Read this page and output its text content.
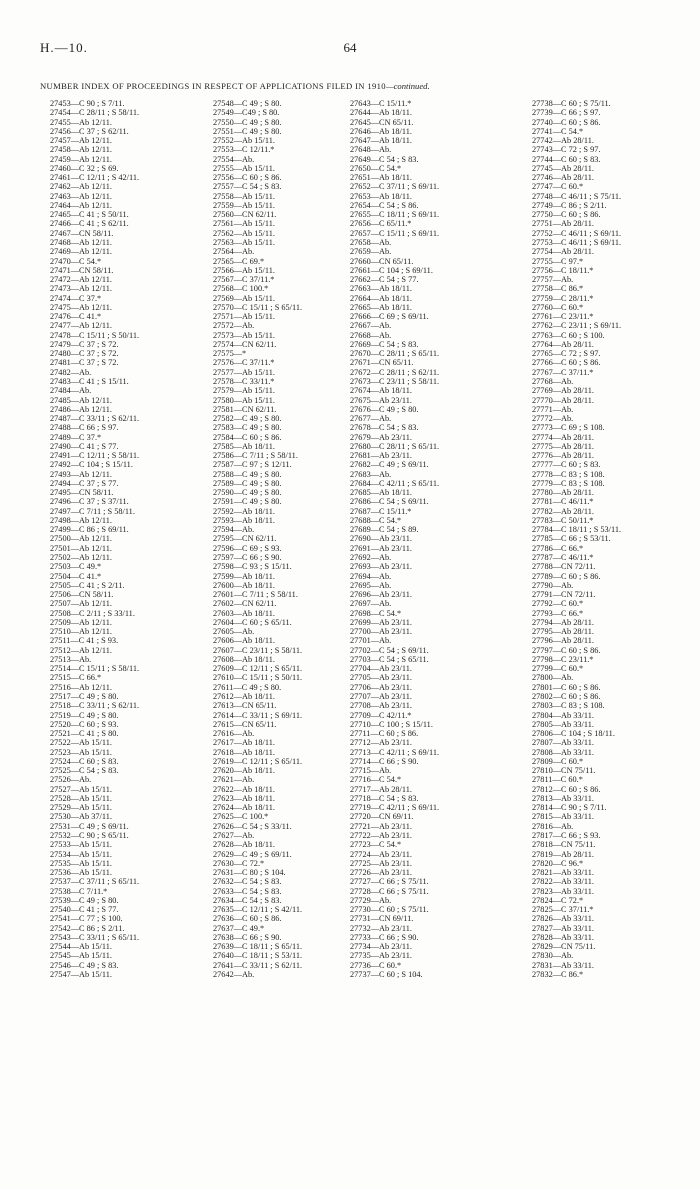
H.—10.	64
NUMBER INDEX OF PROCEEDINGS IN RESPECT OF APPLICATIONS FILED IN 1910—continued.
27453—C 90 ; S 7/11.
27454—C 28/11 ; S 58/11.
27455—Ab 12/11.
27456—C 37 ; S 62/11.
27457—Ab 12/11.
27458—Ab 12/11.
27459—Ab 12/11.
27460—C 32 ; S 69.
27461—C 12/11 ; S 42/11.
27462—Ab 12/11.
27463—Ab 12/11.
27464—Ab 12/11.
27465—C 41 ; S 50/11.
27466—C 41 ; S 62/11.
27467—CN 58/11.
27468—Ab 12/11.
27469—Ab 12/11.
27470—C 54.*
27471—CN 58/11.
27472—Ab 12/11.
27473—Ab 12/11.
27474—C 37.*
27475—Ab 12/11.
27476—C 41.*
27477—Ab 12/11.
27478—C 15/11 ; S 50/11.
27479—C 37 ; S 72.
27480—C 37 ; S 72.
27481—C 37 ; S 72.
27482—Ab.
27483—C 41 ; S 15/11.
27484—Ab.
27485—Ab 12/11.
27486—Ab 12/11.
27487—C 33/11 ; S 62/11.
27488—C 66 ; S 97.
27489—C 37.*
27490—C 41 ; S 77.
27491—C 12/11 ; S 58/11.
27492—C 104 ; S 15/11.
27493—Ab 12/11.
27494—C 37 ; S 77.
27495—CN 58/11.
27496—C 37 ; S 37/11.
27497—C 7/11 ; S 58/11.
27498—Ab 12/11.
27499—C 86 ; S 69/11.
27500—Ab 12/11.
27501—Ab 12/11.
27502—Ab 12/11.
27503—C 49.*
27504—C 41.*
27505—C 41 ; S 2/11.
27506—CN 58/11.
27507—Ab 12/11.
27508—C 2/11 ; S 33/11.
27509—Ab 12/11.
27510—Ab 12/11.
27511—C 41 ; S 93.
27512—Ab 12/11.
27513—Ab.
27514—C 15/11 ; S 58/11.
27515—C 66.*
27516—Ab 12/11.
27517—C 49 ; S 80.
27518—C 33/11 ; S 62/11.
27519—C 49 ; S 80.
27520—C 60 ; S 93.
27521—C 41 ; S 80.
27522—Ab 15/11.
27523—Ab 15/11.
27524—C 60 ; S 83.
27525—C 54 ; S 83.
27526—Ab.
27527—Ab 15/11.
27528—Ab 15/11.
27529—Ab 15/11.
27530—Ab 37/11.
27531—C 49 ; S 69/11.
27532—C 90 ; S 65/11.
27533—Ab 15/11.
27534—Ab 15/11.
27535—Ab 15/11.
27536—Ab 15/11.
27537—C 37/11 ; S 65/11.
27538—C 7/11.*
27539—C 49 ; S 80.
27540—C 41 ; S 77.
27541—C 77 ; S 100.
27542—C 86 ; S 2/11.
27543—C 33/11 ; S 65/11.
27544—Ab 15/11.
27545—Ab 15/11.
27546—C 49 ; S 83.
27547—Ab 15/11.
27548—C 49 ; S 80.
27549—C49 ; S 80.
27550—C 49 ; S 80.
27551—C 49 ; S 80.
27552—Ab 15/11.
27553—C 12/11.*
27554—Ab.
27555—Ab 15/11.
27556—C 60 ; S 86.
27557—C 54 ; S 83.
27558—Ab 15/11.
27559—Ab 15/11.
27560—CN 62/11.
27561—Ab 15/11.
27562—Ab 15/11.
27563—Ab 15/11.
27564—Ab.
27565—C 69.*
27566—Ab 15/11.
27567—C 37/11.*
27568—C 100.*
27569—Ab 15/11.
27570—C 15/11 ; S 65/11.
27571—Ab 15/11.
27572—Ab.
27573—Ab 15/11.
27574—CN 62/11.
27575—*
27576—C 37/11.*
27577—Ab 15/11.
27578—C 33/11.*
27579—Ab 15/11.
27580—Ab 15/11.
27581—CN 62/11.
27582—C 49 ; S 80.
27583—C 49 ; S 80.
27584—C 60 ; S 86.
27585—Ab 18/11.
27586—C 7/11 ; S 58/11.
27587—C 97 ; S 12/11.
27588—C 49 ; S 80.
27589—C 49 ; S 80.
27590—C 49 ; S 80.
27591—C 49 ; S 80.
27592—Ab 18/11.
27593—Ab 18/11.
27594—Ab.
27595—CN 62/11.
27596—C 69 ; S 93.
27597—C 66 ; S 90.
27598—C 93 ; S 15/11.
27599—Ab 18/11.
27600—Ab 18/11.
27601—C 7/11 ; S 58/11.
27602—CN 62/11.
27603—Ab 18/11.
27604—C 60 ; S 65/11.
27605—Ab.
27606—Ab 18/11.
27607—C 23/11 ; S 58/11.
27608—Ab 18/11.
27609—C 12/11 ; S 65/11.
27610—C 15/11 ; S 50/11.
27611—C 49 ; S 80.
27612—Ab 18/11.
27613—CN 65/11.
27614—C 33/11 ; S 69/11.
27615—CN 65/11.
27616—Ab.
27617—Ab 18/11.
27618—Ab 18/11.
27619—C 12/11 ; S 65/11.
27620—Ab 18/11.
27621—Ab.
27622—Ab 18/11.
27623—Ab 18/11.
27624—Ab 18/11.
27625—C 100.*
27626—C 54 ; S 33/11.
27627—Ab.
27628—Ab 18/11.
27629—C 49 ; S 69/11.
27630—C 72.*
27631—C 80 ; S 104.
27632—C 54 ; S 83.
27633—C 54 ; S 83.
27634—C 54 ; S 83.
27635—C 12/11 ; S 42/11.
27636—C 60 ; S 86.
27637—C 49.*
27638—C 66 ; S 90.
27639—C 18/11 ; S 65/11.
27640—C 18/11 ; S 53/11.
27641—C 33/11 ; S 62/11.
27642—Ab.
27643—C 15/11.*
27644—Ab 18/11.
27645—CN 65/11.
27646—Ab 18/11.
27647—Ab 18/11.
27648—Ab.
27649—C 54 ; S 83.
27650—C 54.*
27651—Ab 18/11.
27652—C 37/11 ; S 69/11.
27653—Ab 18/11.
27654—C 54 ; S 86.
27655—C 18/11 ; S 69/11.
27656—C 65/11.*
27657—C 15/11 ; S 69/11.
27658—Ab.
27659—Ab.
27660—CN 65/11.
27661—C 104 ; S 69/11.
27662—C 54 ; S 77.
27663—Ab 18/11.
27664—Ab 18/11.
27665—Ab 18/11.
27666—C 69 ; S 69/11.
27667—Ab.
27668—Ab.
27669—C 54 ; S 83.
27670—C 28/11 ; S 65/11.
27671—CN 65/11.
27672—C 28/11 ; S 62/11.
27673—C 23/11 ; S 58/11.
27674—Ab 18/11.
27675—Ab 23/11.
27676—C 49 ; S 80.
27677—Ab.
27678—C 54 ; S 83.
27679—Ab 23/11.
27680—C 28/11 ; S 65/11.
27681—Ab 23/11.
27682—C 49 ; S 69/11.
27683—Ab.
27684—C 42/11 ; S 65/11.
27685—Ab 18/11.
27686—C 54 ; S 69/11.
27687—C 15/11.*
27688—C 54.*
27689—C 54 ; S 89.
27690—Ab 23/11.
27691—Ab 23/11.
27692—Ab.
27693—Ab 23/11.
27694—Ab.
27695—Ab.
27696—Ab 23/11.
27697—Ab.
27698—C 54.*
27699—Ab 23/11.
27700—Ab 23/11.
27701—Ab.
27702—C 54 ; S 69/11.
27703—C 54 ; S 65/11.
27704—Ab 23/11.
27705—Ab 23/11.
27706—Ab 23/11.
27707—Ab 23/11.
27708—Ab 23/11.
27709—C 42/11.*
27710—C 100 ; S 15/11.
27711—C 60 ; S 86.
27712—Ab 23/11.
27713—C 42/11 ; S 69/11.
27714—C 66 ; S 90.
27715—Ab.
27716—C 54.*
27717—Ab 28/11.
27718—C 54 ; S 83.
27719—C 42/11 ; S 69/11.
27720—CN 69/11.
27721—Ab 23/11.
27722—Ab 23/11.
27723—C 54.*
27724—Ab 23/11.
27725—Ab 23/11.
27726—Ab 23/11.
27727—C 66 ; S 75/11.
27728—C 66 ; S 75/11.
27729—Ab.
27730—C 60 ; S 75/11.
27731—CN 69/11.
27732—Ab 23/11.
27733—C 66 ; S 90.
27734—Ab 23/11.
27735—Ab 23/11.
27736—C 60.*
27737—C 60 ; S 104.
27738—C 60 ; S 75/11.
27739—C 66 ; S 97.
27740—C 60 ; S 86.
27741—C 54.*
27742—Ab 28/11.
27743—C 72 ; S 97.
27744—C 60 ; S 83.
27745—Ab 28/11.
27746—Ab 28/11.
27747—C 60.*
27748—C 46/11 ; S 75/11.
27749—C 86 ; S 2/11.
27750—C 60 ; S 86.
27751—Ab 28/11.
27752—C 46/11 ; S 69/11.
27753—C 46/11 ; S 69/11.
27754—Ab 28/11.
27755—C 97.*
27756—C 18/11.*
27757—Ab.
27758—C 86.*
27759—C 28/11.*
27760—C 60.*
27761—C 23/11.*
27762—C 23/11 ; S 69/11.
27763—C 60 ; S 100.
27764—Ab 28/11.
27765—C 72 ; S 97.
27766—C 60 ; S 86.
27767—C 37/11.*
27768—Ab.
27769—Ab 28/11.
27770—Ab 28/11.
27771—Ab.
27772—Ab.
27773—C 69 ; S 108.
27774—Ab 28/11.
27775—Ab 28/11.
27776—Ab 28/11.
27777—C 60 ; S 83.
27778—C 83 ; S 108.
27779—C 83 ; S 108.
27780—Ab 28/11.
27781—C 46/11.*
27782—Ab 28/11.
27783—C 50/11.*
27784—C 18/11 ; S 53/11.
27785—C 66 ; S 53/11.
27786—C 66.*
27787—C 46/11.*
27788—CN 72/11.
27789—C 60 ; S 86.
27790—Ab.
27791—CN 72/11.
27792—C 60.*
27793—C 66.*
27794—Ab 28/11.
27795—Ab 28/11.
27796—Ab 28/11.
27797—C 60 ; S 86.
27798—C 23/11.*
27799—C 60.*
27800—Ab.
27801—C 60 ; S 86.
27802—C 60 ; S 86.
27803—C 83 ; S 108.
27804—Ab 33/11.
27805—Ab 33/11.
27806—C 104 ; S 18/11.
27807—Ab 33/11.
27808—Ab 33/11.
27809—C 60.*
27810—CN 75/11.
27811—C 60.*
27812—C 60 ; S 86.
27813—Ab 33/11.
27814—C 90 ; S 7/11.
27815—Ab 33/11.
27816—Ab.
27817—C 66 ; S 93.
27818—CN 75/11.
27819—Ab 28/11.
27820—C 96.*
27821—Ab 33/11.
27822—Ab 33/11.
27823—Ab 33/11.
27824—C 72.*
27825—C 37/11.*
27826—Ab 33/11.
27827—Ab 33/11.
27828—Ab 33/11.
27829—CN 75/11.
27830—Ab.
27831—Ab 33/11.
27832—C 86.*
